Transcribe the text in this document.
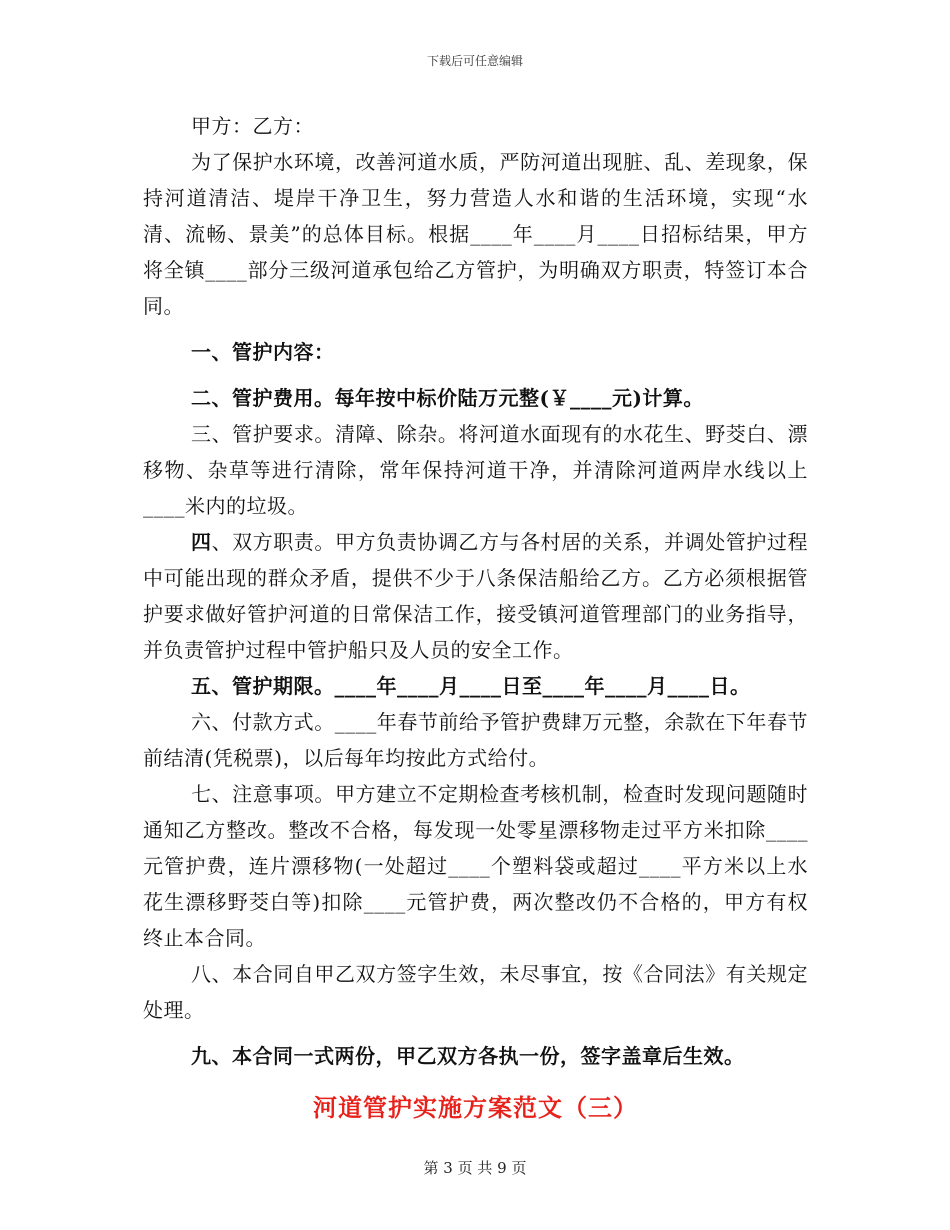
下载后可任意编辑

甲方：乙方：

为了保护水环境，改善河道水质，严防河道出现脏、乱、差现象，保持河道清洁、堤岸干净卫生，努力营造人水和谐的生活环境，实现“水清、流畅、景美”的总体目标。根据____年____月____日招标结果，甲方将全镇____部分三级河道承包给乙方管护，为明确双方职责，特签订本合同。

一、管护内容：

二、管护费用。每年按中标价陆万元整(￥____元)计算。

三、管护要求。清障、除杂。将河道水面现有的水花生、野茭白、漂移物、杂草等进行清除，常年保持河道干净，并清除河道两岸水线以上____米内的垃圾。

四、双方职责。甲方负责协调乙方与各村居的关系，并调处管护过程中可能出现的群众矛盾，提供不少于八条保洁船给乙方。乙方必须根据管护要求做好管护河道的日常保洁工作，接受镇河道管理部门的业务指导，并负责管护过程中管护船只及人员的安全工作。

五、管护期限。____年____月____日至____年____月____日。

六、付款方式。____年春节前给予管护费肆万元整，余款在下年春节前结清(凭税票)，以后每年均按此方式给付。

七、注意事项。甲方建立不定期检查考核机制，检查时发现问题随时通知乙方整改。整改不合格，每发现一处零星漂移物走过平方米扣除____元管护费，连片漂移物(一处超过____个塑料袋或超过____平方米以上水花生漂移野茭白等)扣除____元管护费，两次整改仍不合格的，甲方有权终止本合同。

八、本合同自甲乙双方签字生效，未尽事宜，按《合同法》有关规定处理。

九、本合同一式两份，甲乙双方各执一份，签字盖章后生效。

河道管护实施方案范文（三）
第 3 页 共 9 页
